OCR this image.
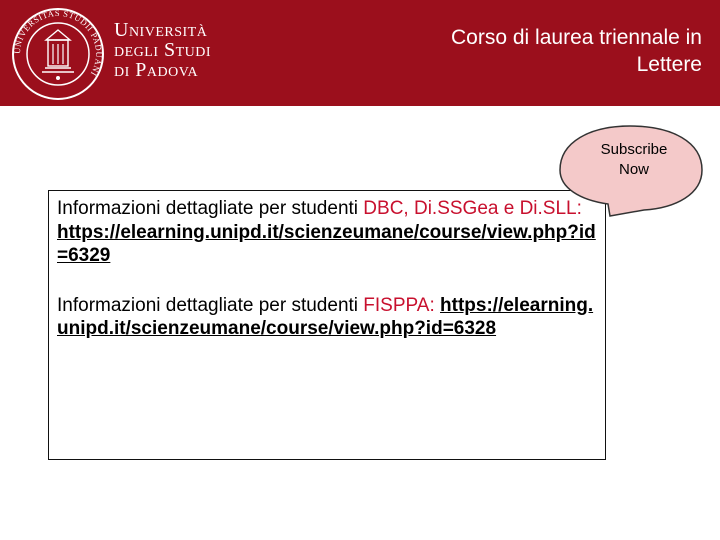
UNIVERSITAS STUDII PADUANI
Università
degli Studi
di Padova
Corso di laurea triennale in
Lettere

Informazioni dettagliate per studenti DBC, Di.SSGea e Di.SLL: https://elearning.unipd.it/scienzeumane/course/view.php?id=6329

Informazioni dettagliate per studenti FISPPA: https://elearning.unipd.it/scienzeumane/course/view.php?id=6328

Subscribe
Now
